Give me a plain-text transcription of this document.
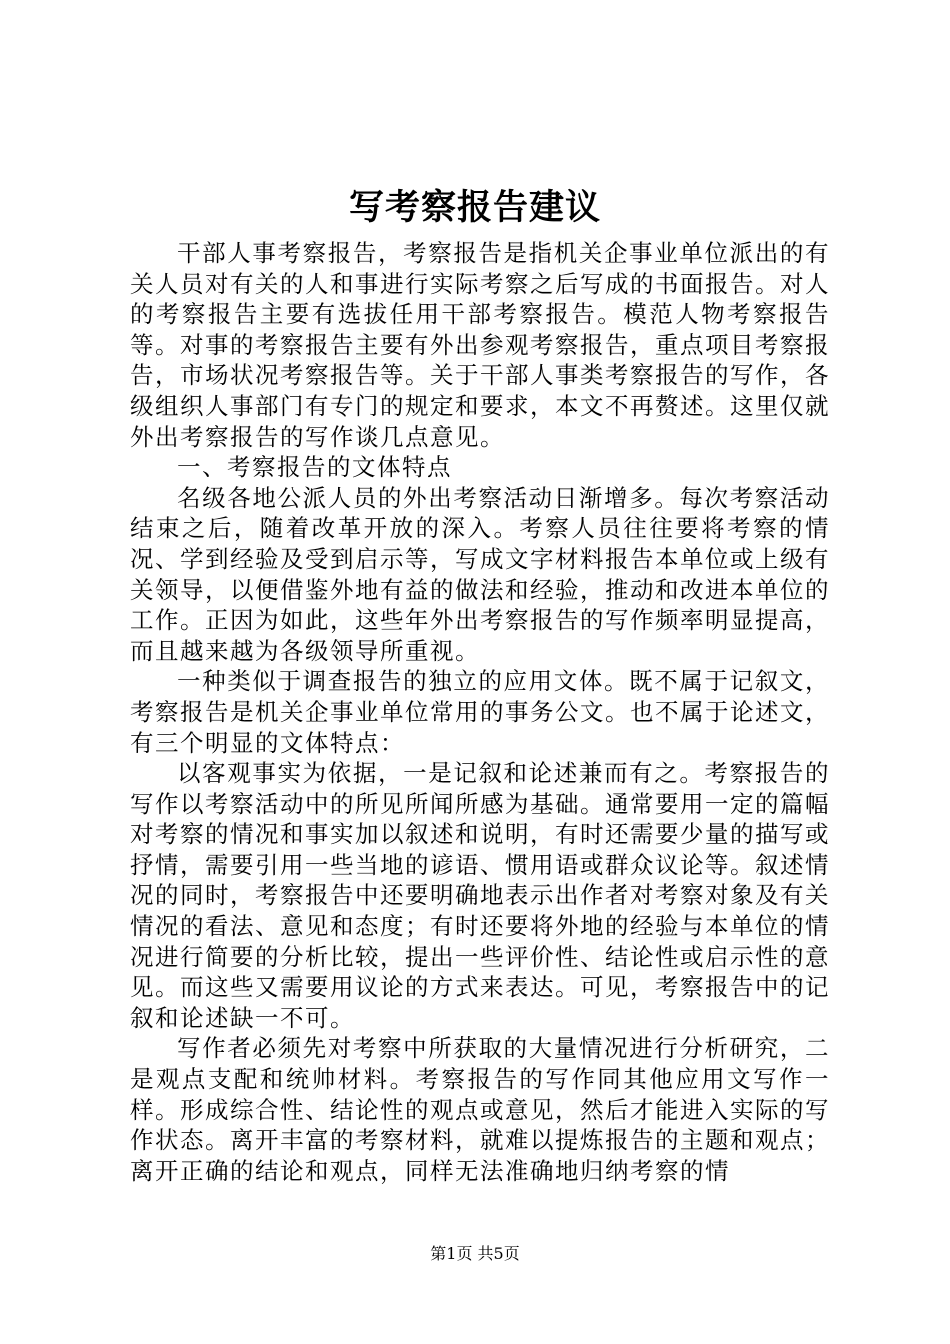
写考察报告建议

干部人事考察报告，考察报告是指机关企事业单位派出的有关人员对有关的人和事进行实际考察之后写成的书面报告。对人的考察报告主要有选拔任用干部考察报告。模范人物考察报告等。对事的考察报告主要有外出参观考察报告，重点项目考察报告，市场状况考察报告等。关于干部人事类考察报告的写作，各级组织人事部门有专门的规定和要求，本文不再赘述。这里仅就外出考察报告的写作谈几点意见。

一、考察报告的文体特点

名级各地公派人员的外出考察活动日渐增多。每次考察活动结束之后，随着改革开放的深入。考察人员往往要将考察的情况、学到经验及受到启示等，写成文字材料报告本单位或上级有关领导，以便借鉴外地有益的做法和经验，推动和改进本单位的工作。正因为如此，这些年外出考察报告的写作频率明显提高，而且越来越为各级领导所重视。

一种类似于调查报告的独立的应用文体。既不属于记叙文，考察报告是机关企事业单位常用的事务公文。也不属于论述文，有三个明显的文体特点：

以客观事实为依据，一是记叙和论述兼而有之。考察报告的写作以考察活动中的所见所闻所感为基础。通常要用一定的篇幅对考察的情况和事实加以叙述和说明，有时还需要少量的描写或抒情，需要引用一些当地的谚语、惯用语或群众议论等。叙述情况的同时，考察报告中还要明确地表示出作者对考察对象及有关情况的看法、意见和态度；有时还要将外地的经验与本单位的情况进行简要的分析比较，提出一些评价性、结论性或启示性的意见。而这些又需要用议论的方式来表达。可见，考察报告中的记叙和论述缺一不可。

写作者必须先对考察中所获取的大量情况进行分析研究，二是观点支配和统帅材料。考察报告的写作同其他应用文写作一样。形成综合性、结论性的观点或意见，然后才能进入实际的写作状态。离开丰富的考察材料，就难以提炼报告的主题和观点；离开正确的结论和观点，同样无法准确地归纳考察的情

第1页 共5页
